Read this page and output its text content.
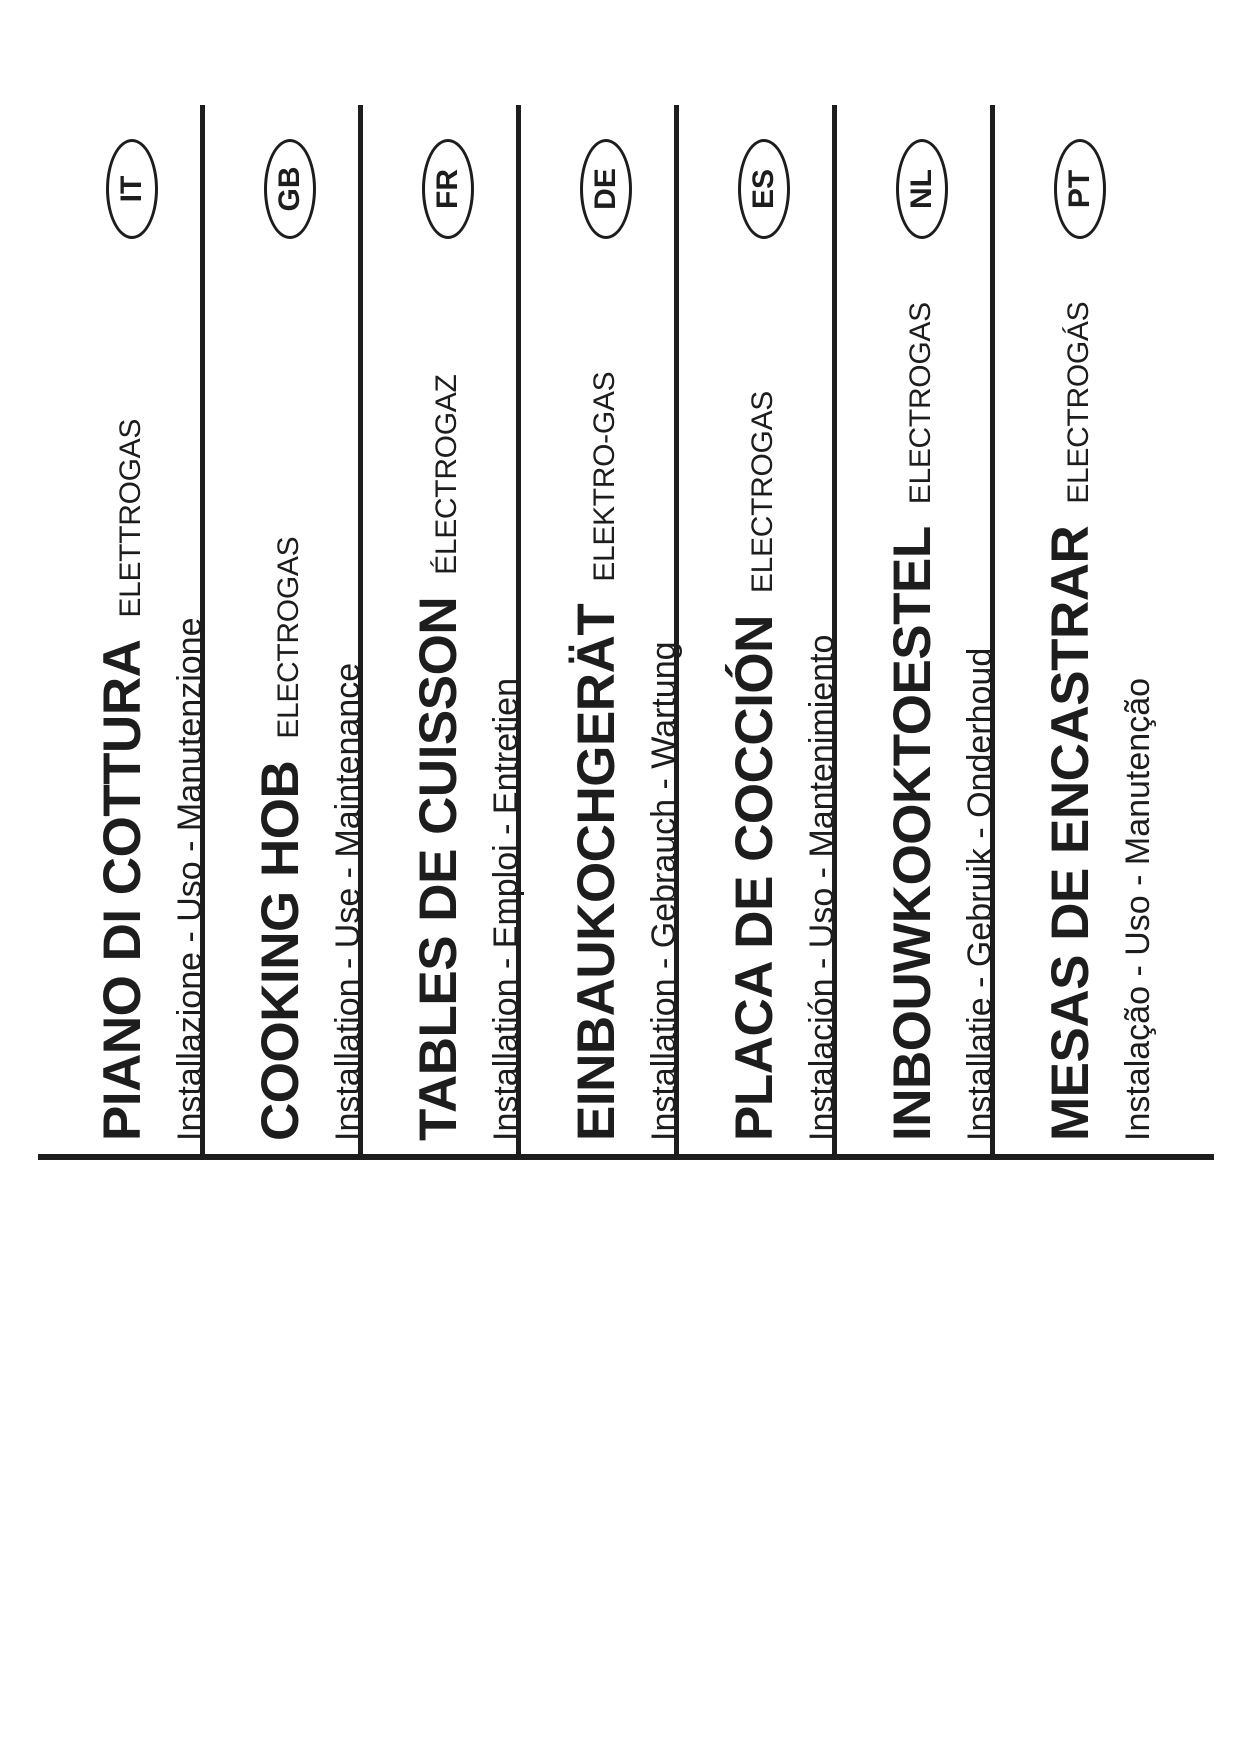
PIANO DI COTTURAELETTROGAS
Installazione - Uso - Manutenzione
IT
COOKING HOBELECTROGAS
Installation - Use - Maintenance
GB
TABLES DE CUISSONÉLECTROGAZ
Installation - Emploi - Entretien
FR
EINBAUKOCHGERÄTELEKTRO-GAS
Installation - Gebrauch - Wartung
DE
PLACA DE COCCIÓNELECTROGAS
Instalación - Uso - Mantenimiento
ES
INBOUWKOOKTOESTELELECTROGAS
Installatie - Gebruik - Onderhoud
NL
MESAS DE ENCASTRARELECTROGÁS
Instalação - Uso - Manutenção
PT
